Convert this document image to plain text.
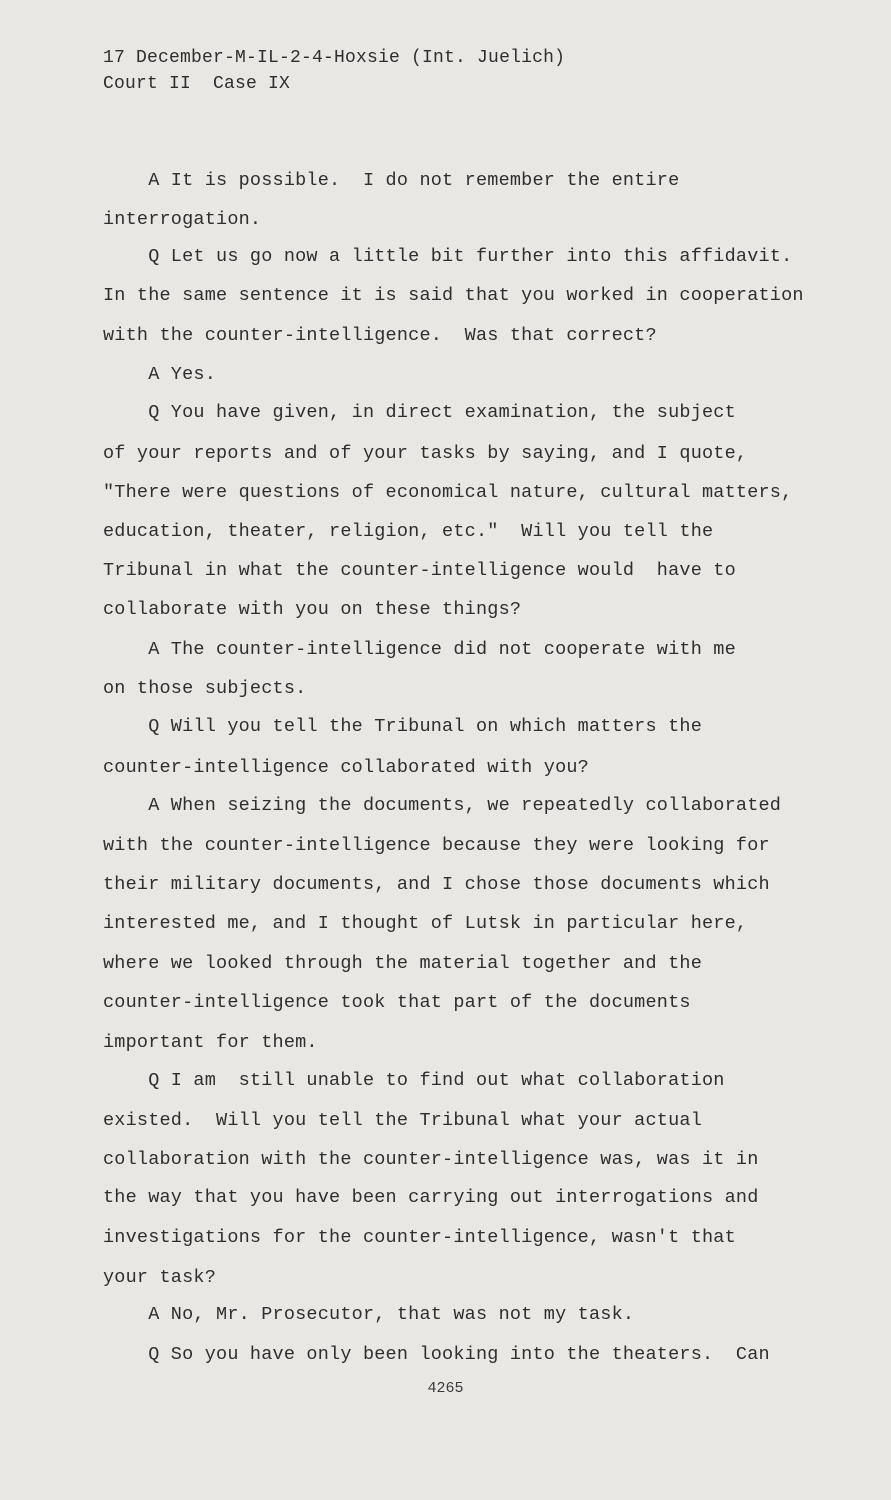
17 December-M-IL-2-4-Hoxsie (Int. Juelich)
Court II  Case IX
A It is possible.  I do not remember the entire
interrogation.
Q Let us go now a little bit further into this affidavit.
In the same sentence it is said that you worked in cooperation
with the counter-intelligence.  Was that correct?
A Yes.
Q You have given, in direct examination, the subject
of your reports and of your tasks by saying, and I quote,
"There were questions of economical nature, cultural matters,
education, theater, religion, etc."  Will you tell the
Tribunal in what the counter-intelligence would  have to
collaborate with you on these things?
A The counter-intelligence did not cooperate with me
on those subjects.
Q Will you tell the Tribunal on which matters the
counter-intelligence collaborated with you?
A When seizing the documents, we repeatedly collaborated
with the counter-intelligence because they were looking for
their military documents, and I chose those documents which
interested me, and I thought of Lutsk in particular here,
where we looked through the material together and the
counter-intelligence took that part of the documents
important for them.
Q I am  still unable to find out what collaboration
existed.  Will you tell the Tribunal what your actual
collaboration with the counter-intelligence was, was it in
the way that you have been carrying out interrogations and
investigations for the counter-intelligence, wasn't that
your task?
A No, Mr. Prosecutor, that was not my task.
Q So you have only been looking into the theaters.  Can
4265
